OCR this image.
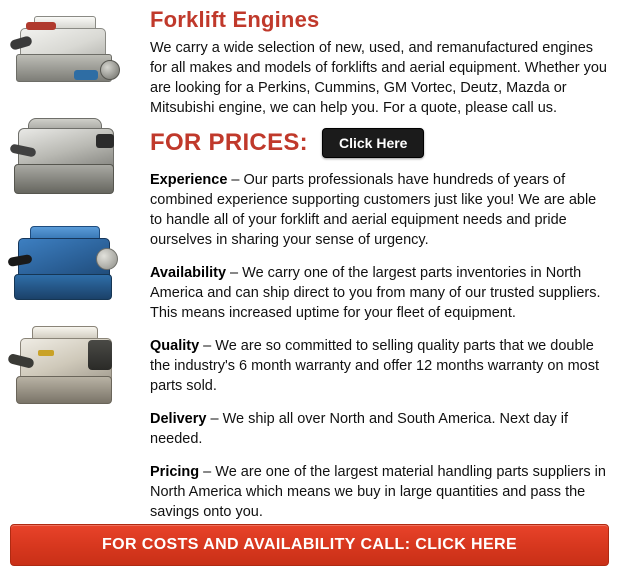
Forklift Engines

We carry a wide selection of new, used, and remanufactured engines for all makes and models of forklifts and aerial equipment. Whether you are looking for a Perkins, Cummins, GM Vortec, Deutz, Mazda or Mitsubishi engine, we can help you. For a quote, please call us.

FOR PRICES:	Click Here

Experience – Our parts professionals have hundreds of years of combined experience supporting customers just like you! We are able to handle all of your forklift and aerial equipment needs and pride ourselves in sharing your sense of urgency.

Availability – We carry one of the largest parts inventories in North America and can ship direct to you from many of our trusted suppliers. This means increased uptime for your fleet of equipment.

Quality – We are so committed to selling quality parts that we double the industry's 6 month warranty and offer 12 months warranty on most parts sold.

Delivery – We ship all over North and South America. Next day if needed.

Pricing – We are one of the largest material handling parts suppliers in North America which means we buy in large quantities and pass the savings onto you.

FOR COSTS AND AVAILABILITY CALL: CLICK HERE
